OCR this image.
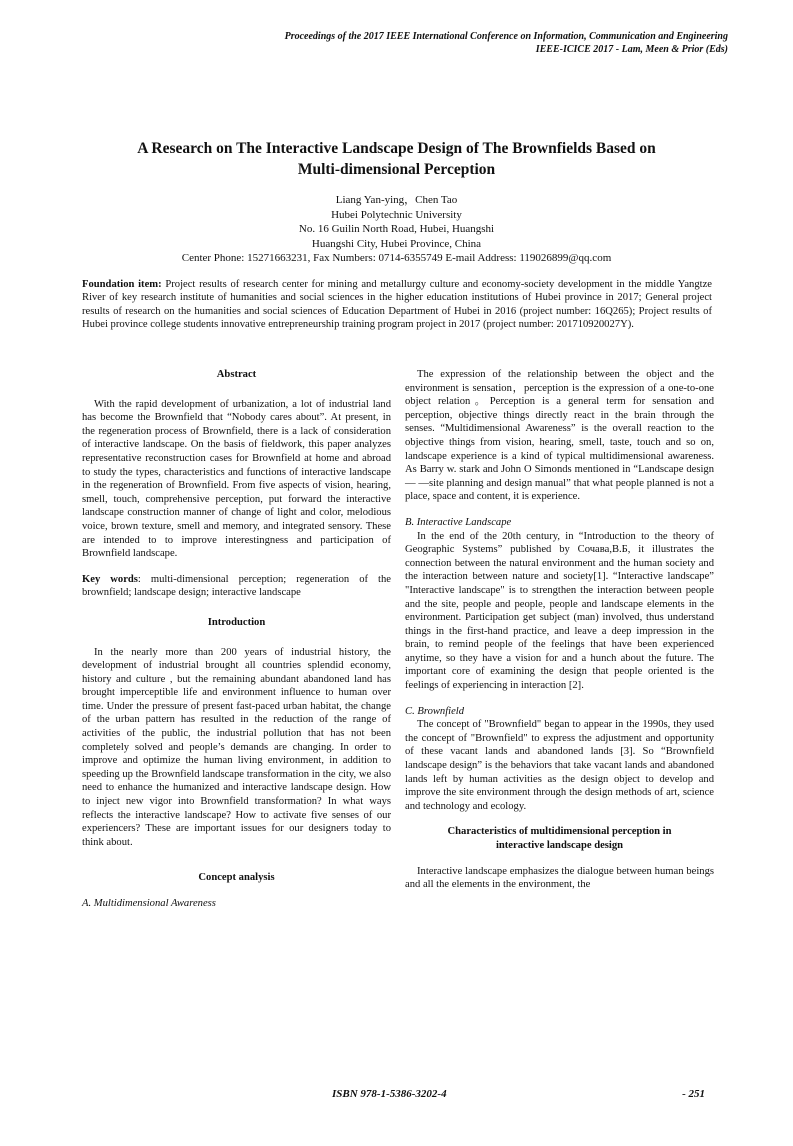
Proceedings of the 2017 IEEE International Conference on Information, Communication and Engineering
IEEE-ICICE 2017 - Lam, Meen & Prior (Eds)
A Research on The Interactive Landscape Design of The Brownfields Based on
Multi-dimensional Perception
Liang Yan-ying，Chen Tao
Hubei Polytechnic University
No. 16 Guilin North Road, Hubei, Huangshi
Huangshi City, Hubei Province, China
Center Phone: 15271663231, Fax Numbers: 0714-6355749 E-mail Address: 119026899@qq.com
Foundation item: Project results of research center for mining and metallurgy culture and economy-society development in the middle Yangtze River of key research institute of humanities and social sciences in the higher education institutions of Hubei province in 2017; General project results of research on the humanities and social sciences of Education Department of Hubei in 2016 (project number: 16Q265); Project results of Hubei province college students innovative entrepreneurship training program project in 2017 (project number: 201710920027Y).

Abstract

With the rapid development of urbanization, a lot of industrial land has become the Brownfield that “Nobody cares about”. At present, in the regeneration process of Brownfield, there is a lack of consideration of interactive landscape. On the basis of fieldwork, this paper analyzes representative reconstruction cases for Brownfield at home and abroad to study the types, characteristics and functions of interactive landscape in the regeneration of Brownfield. From five aspects of vision, hearing, smell, touch, comprehensive perception, put forward the interactive landscape construction manner of change of light and color, melodious voice, brown texture, smell and memory, and integrated sensory. These are intended to to improve interestingness and participation of Brownfield landscape.

Key words: multi-dimensional perception; regeneration of the brownfield; landscape design; interactive landscape

Introduction

In the nearly more than 200 years of industrial history, the development of industrial brought all countries splendid economy, history and culture , but the remaining abundant abandoned land has brought imperceptible life and environment influence to human over time. Under the pressure of present fast-paced urban habitat, the change of the urban pattern has resulted in the reduction of the range of activities of the public, the industrial pollution that has not been completely solved and people’s demands are changing. In order to improve and optimize the human living environment, in addition to speeding up the Brownfield landscape transformation in the city, we also need to enhance the humanized and interactive landscape design. How to inject new vigor into Brownfield transformation? In what ways reflects the interactive landscape? How to activate five senses of our experiencers? These are important issues for our designers today to think about.

Concept analysis

A. Multidimensional Awareness

The expression of the relationship between the object and the environment is sensation，perception is the expression of a one-to-one object relation。Perception is a general term for sensation and perception, objective things directly react in the brain through the senses. “Multidimensional Awareness” is the overall reaction to the objective things from vision, hearing, smell, taste, touch and so on, landscape experience is a kind of typical multidimensional awareness. As Barry w. stark and John O Simonds mentioned in “Landscape design— —site planning and design manual” that what people planned is not a place, space and content, it is experience.

B. Interactive Landscape

In the end of the 20th century, in “Introduction to the theory of Geographic Systems” published by Сочава,В.Б, it illustrates the connection between the natural environment and the human society and the interaction between nature and society[1]. “Interactive landscape” "Interactive landscape" is to strengthen the interaction between people and the site, people and people, people and landscape elements in the environment. Participation get subject (man) involved, thus understand things in the first-hand practice, and leave a deep impression in the brain, to remind people of the feelings that have been experienced anytime, so they have a vision for and a hunch about the future. The important core of examining the design that people oriented is the feelings of experiencing in interaction [2].

C. Brownfield

The concept of "Brownfield" began to appear in the 1990s, they used the concept of "Brownfield" to express the adjustment and opportunity of these vacant lands and abandoned lands [3]. So “Brownfield landscape design” is the behaviors that take vacant lands and abandoned lands left by human activities as the design object to develop and improve the site environment through the design methods of art, science and technology and ecology.

Characteristics of multidimensional perception in
interactive landscape design

Interactive landscape emphasizes the dialogue between human beings and all the elements in the environment, the

ISBN 978-1-5386-3202-4	- 251
